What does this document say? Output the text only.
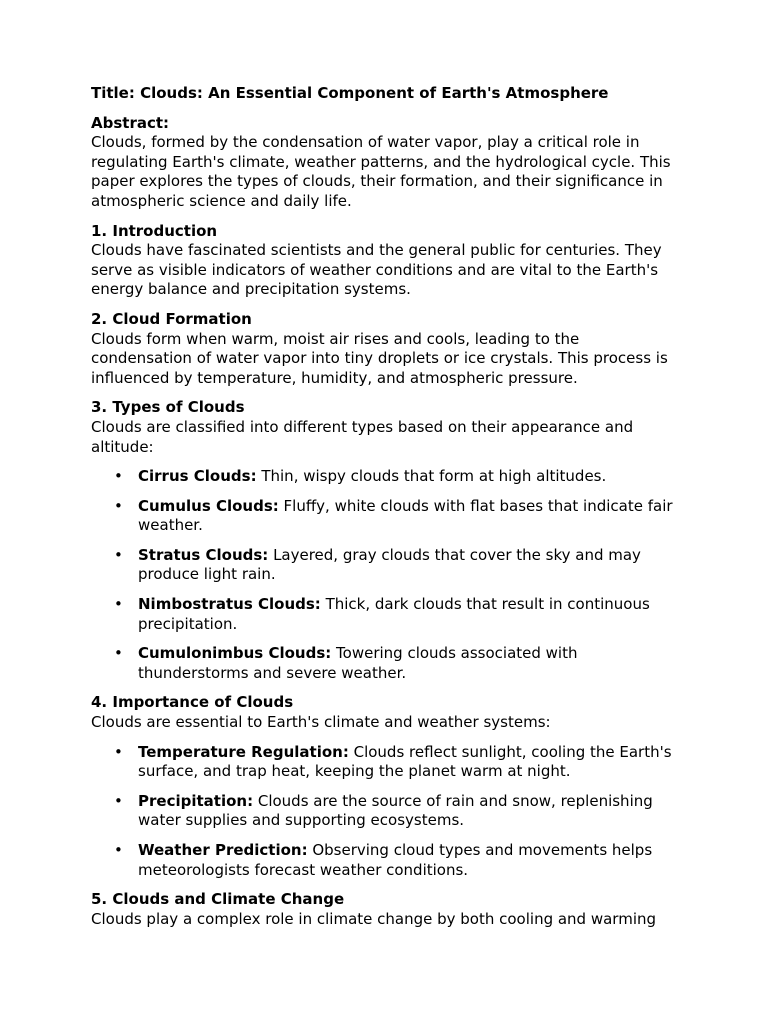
Title: Clouds: An Essential Component of Earth's Atmosphere

Abstract:

Clouds, formed by the condensation of water vapor, play a critical role in regulating Earth's climate, weather patterns, and the hydrological cycle. This paper explores the types of clouds, their formation, and their significance in atmospheric science and daily life.

1. Introduction

Clouds have fascinated scientists and the general public for centuries. They serve as visible indicators of weather conditions and are vital to the Earth's energy balance and precipitation systems.

2. Cloud Formation

Clouds form when warm, moist air rises and cools, leading to the condensation of water vapor into tiny droplets or ice crystals. This process is influenced by temperature, humidity, and atmospheric pressure.

3. Types of Clouds

Clouds are classified into different types based on their appearance and altitude:

• Cirrus Clouds: Thin, wispy clouds that form at high altitudes.
• Cumulus Clouds: Fluffy, white clouds with flat bases that indicate fair weather.
• Stratus Clouds: Layered, gray clouds that cover the sky and may produce light rain.
• Nimbostratus Clouds: Thick, dark clouds that result in continuous precipitation.
• Cumulonimbus Clouds: Towering clouds associated with thunderstorms and severe weather.

4. Importance of Clouds

Clouds are essential to Earth's climate and weather systems:

• Temperature Regulation: Clouds reflect sunlight, cooling the Earth's surface, and trap heat, keeping the planet warm at night.
• Precipitation: Clouds are the source of rain and snow, replenishing water supplies and supporting ecosystems.
• Weather Prediction: Observing cloud types and movements helps meteorologists forecast weather conditions.

5. Clouds and Climate Change

Clouds play a complex role in climate change by both cooling and warming
